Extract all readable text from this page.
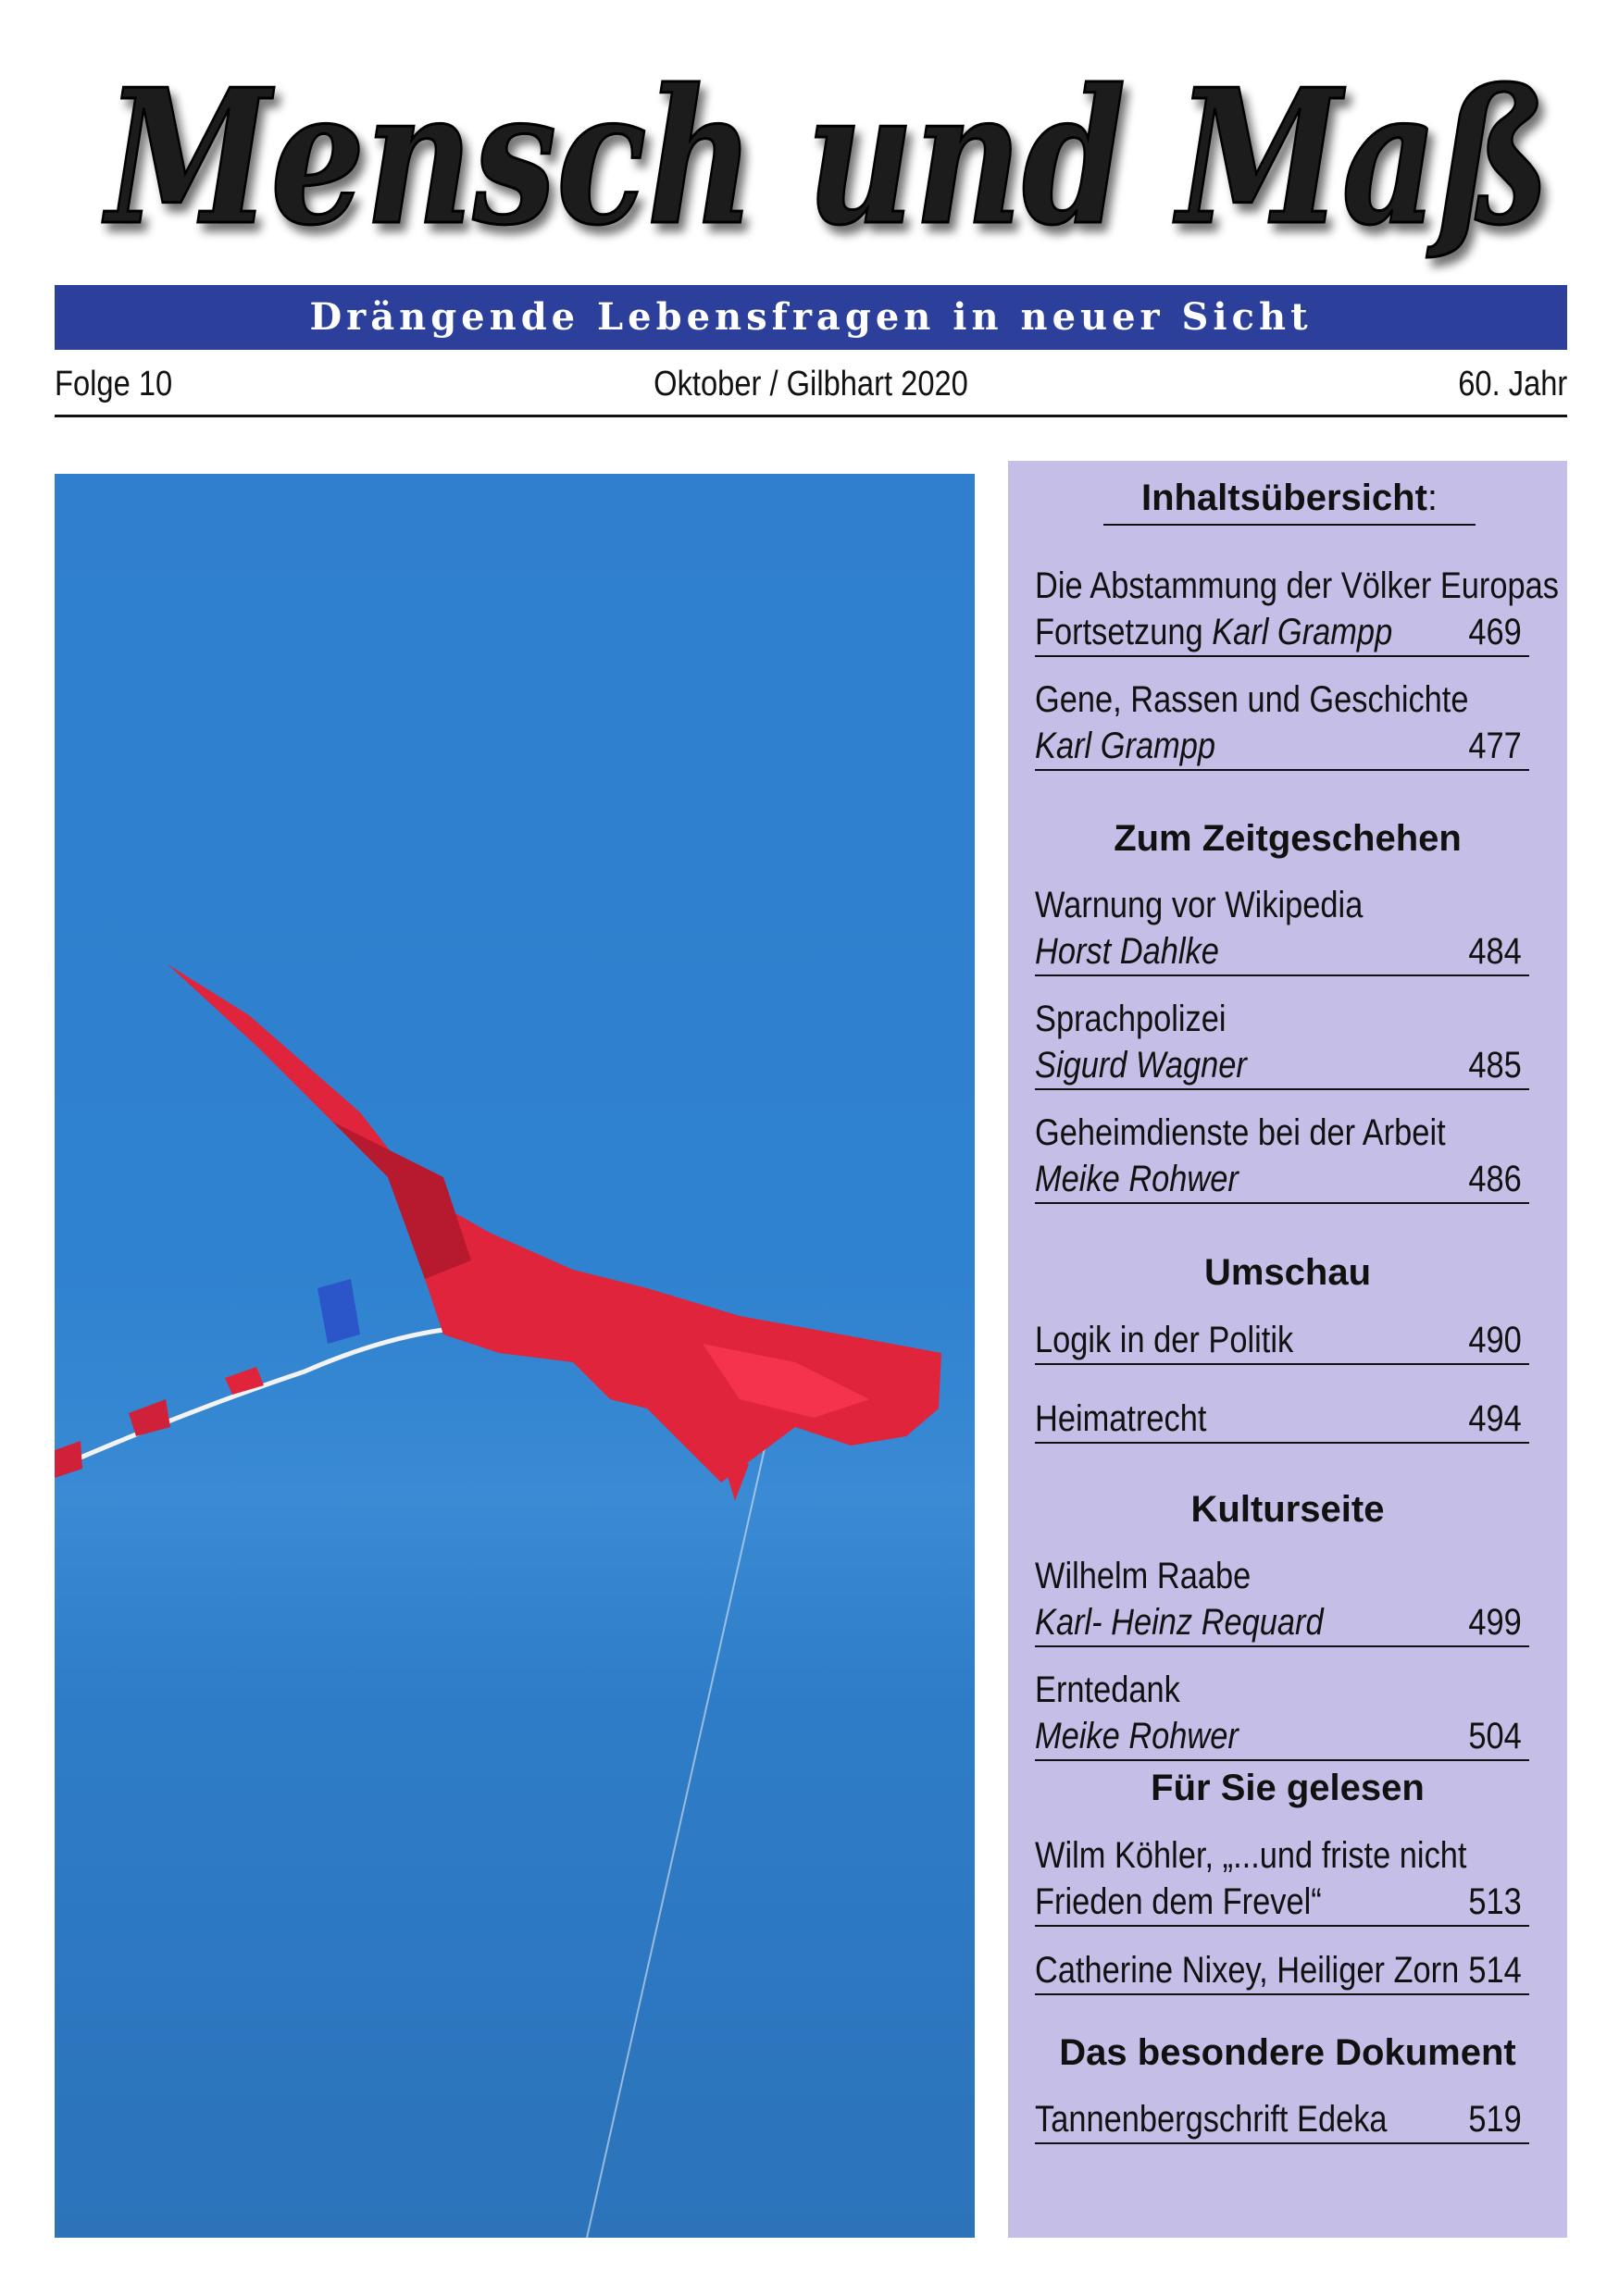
Mensch und Maß
Drängende Lebensfragen in neuer Sicht
Folge 10	Oktober / Gilbhart 2020	60. Jahr
Inhaltsübersicht:
Die Abstammung der Völker Europas
Fortsetzung Karl Grampp 469
Gene, Rassen und Geschichte
Karl Grampp	477
Zum Zeitgeschehen
Warnung vor Wikipedia
Horst Dahlke	484
Sprachpolizei
Sigurd Wagner	485
Geheimdienste bei der Arbeit
Meike Rohwer	486
Umschau
Logik in der Politik	490
Heimatrecht	494
Kulturseite
Wilhelm Raabe
Karl- Heinz Requard	499
Erntedank
Meike Rohwer	504
Für Sie gelesen
Wilm Köhler, „...und friste nicht
Frieden dem Frevel“	513
Catherine Nixey, Heiliger Zorn 514
Das besondere Dokument
Tannenbergschrift Edeka 519
